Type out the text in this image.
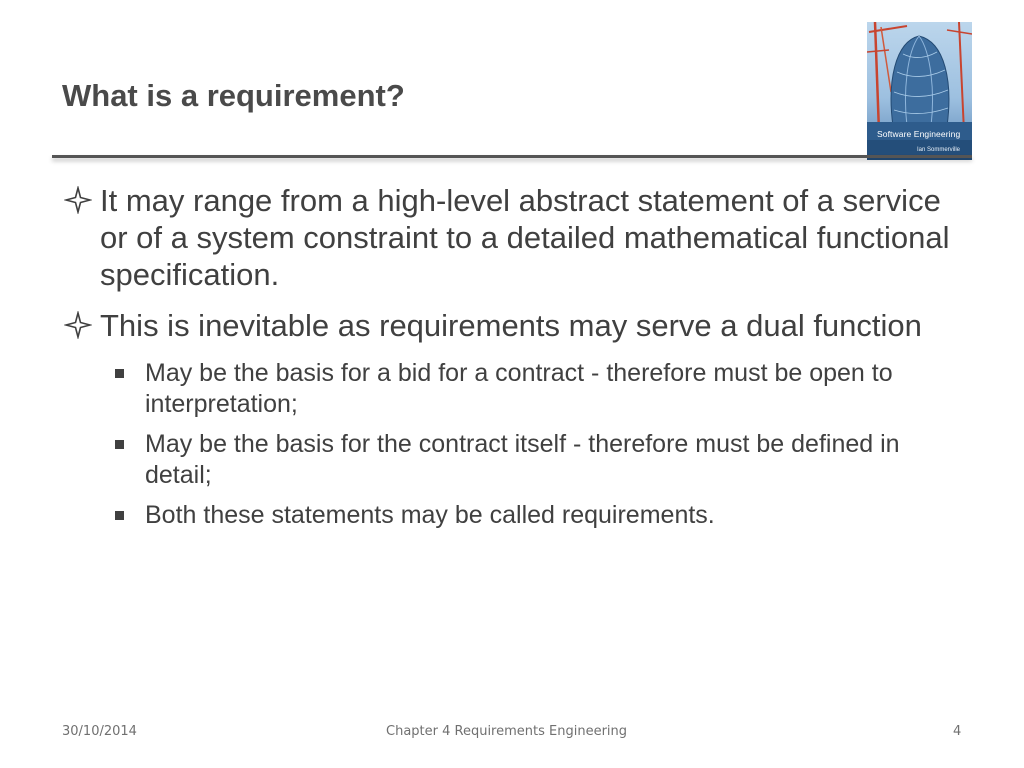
What is a requirement?
Software Engineering
Ian Sommerville
It may range from a high-level abstract statement of a service or of a system constraint to a detailed mathematical functional specification.
This is inevitable as requirements may serve a dual function
May be the basis for a bid for a contract - therefore must be open to interpretation;
May be the basis for the contract itself - therefore must be defined in detail;
Both these statements may be called requirements.
30/10/2014	Chapter 4 Requirements Engineering	4
